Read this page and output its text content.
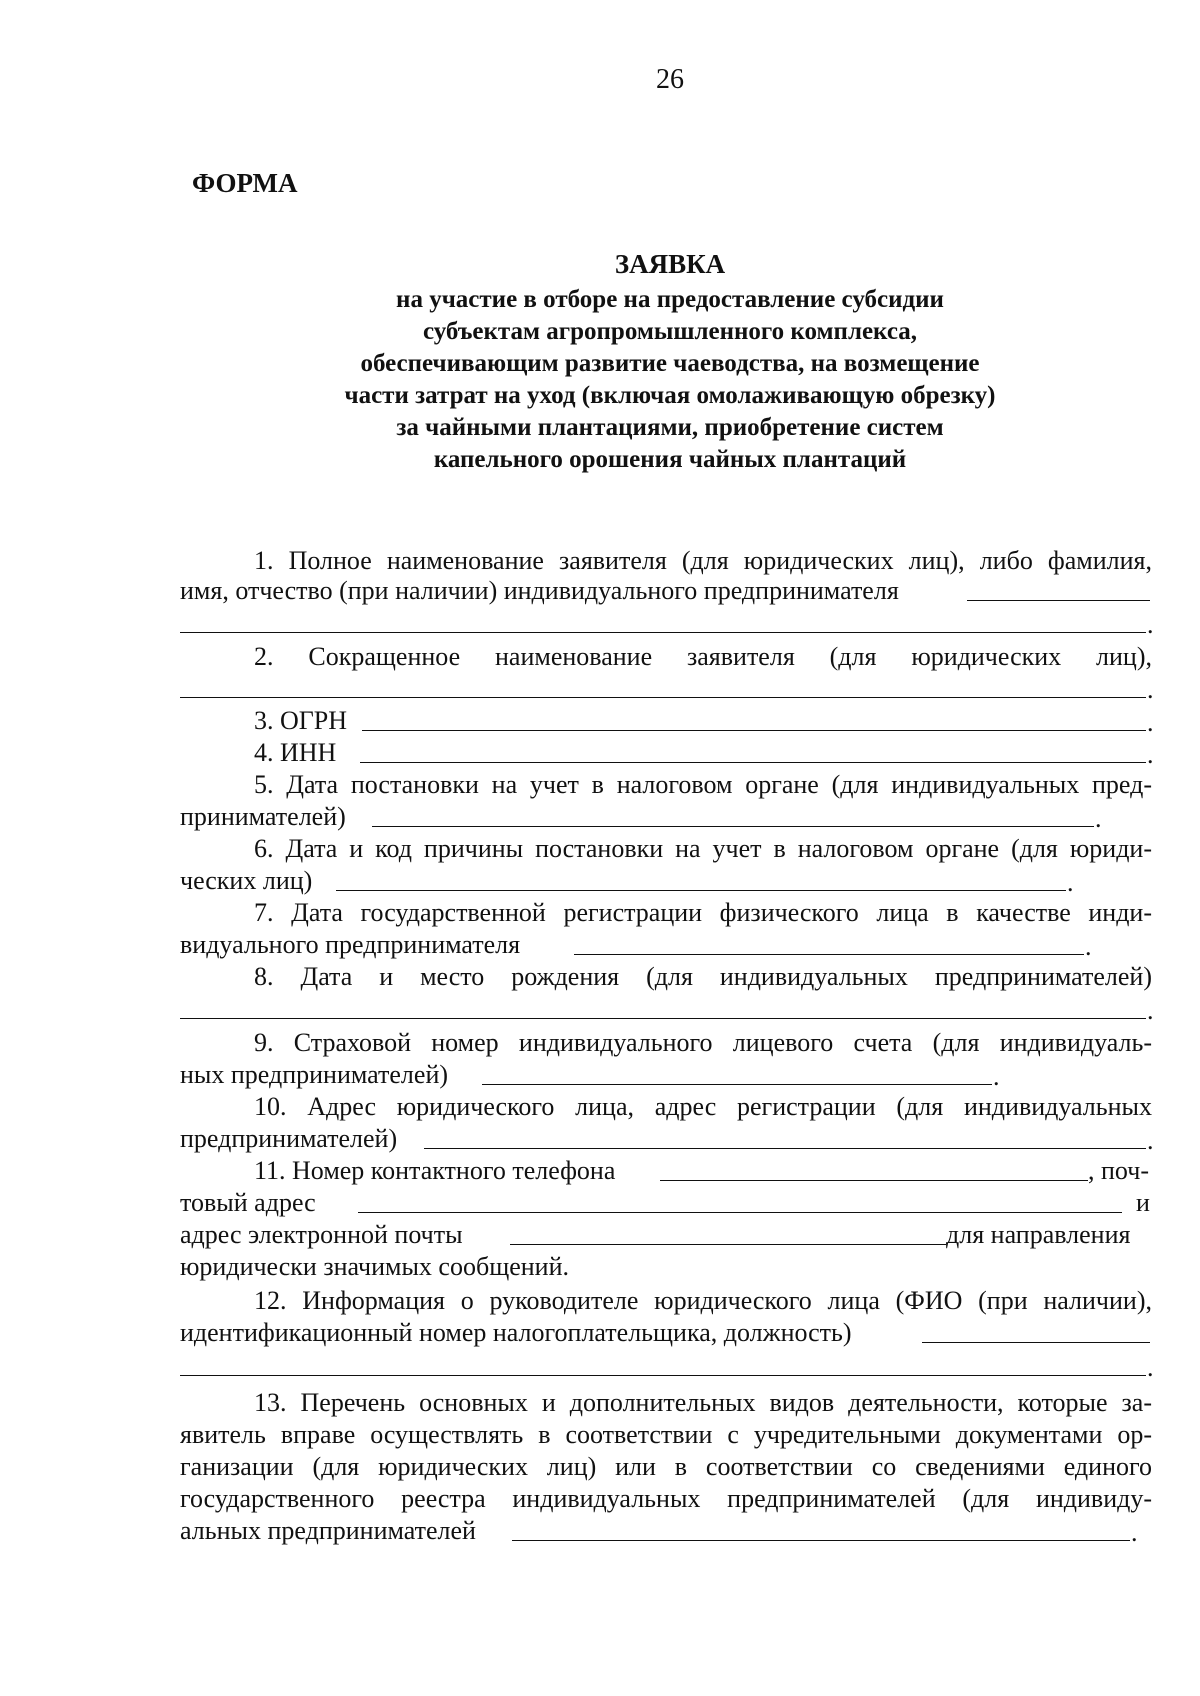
26
ФОРМА
ЗАЯВКА
на участие в отборе на предоставление субсидии
субъектам агропромышленного комплекса,
обеспечивающим развитие чаеводства, на возмещение
части затрат на уход (включая омолаживающую обрезку)
за чайными плантациями, приобретение систем
капельного орошения чайных плантаций
1. Полное наименование заявителя (для юридических лиц), либо фамилия,
имя, отчество (при наличии) индивидуального предпринимателя
.
2. Сокращенное наименование заявителя (для юридических лиц),
.
3. ОГРН	.
4. ИНН	.
5. Дата постановки на учет в налоговом органе (для индивидуальных пред-
принимателей)	.
6. Дата и код причины постановки на учет в налоговом органе (для юриди-
ческих лиц)	.
7. Дата государственной регистрации физического лица в качестве инди-
видуального предпринимателя	.
8. Дата и место рождения (для индивидуальных предпринимателей)
.
9. Страховой номер индивидуального лицевого счета (для индивидуаль-
ных предпринимателей)	.
10. Адрес юридического лица, адрес регистрации (для индивидуальных
предпринимателей)	.
11. Номер контактного телефона	, поч-
товый адрес	и
адрес электронной почты	для направления
юридически значимых сообщений.
12. Информация о руководителе юридического лица (ФИО (при наличии),
идентификационный номер налогоплательщика, должность)
.
13. Перечень основных и дополнительных видов деятельности, которые за-
явитель вправе осуществлять в соответствии с учредительными документами ор-
ганизации (для юридических лиц) или в соответствии со сведениями единого
государственного реестра индивидуальных предпринимателей (для индивиду-
альных предпринимателей	.
